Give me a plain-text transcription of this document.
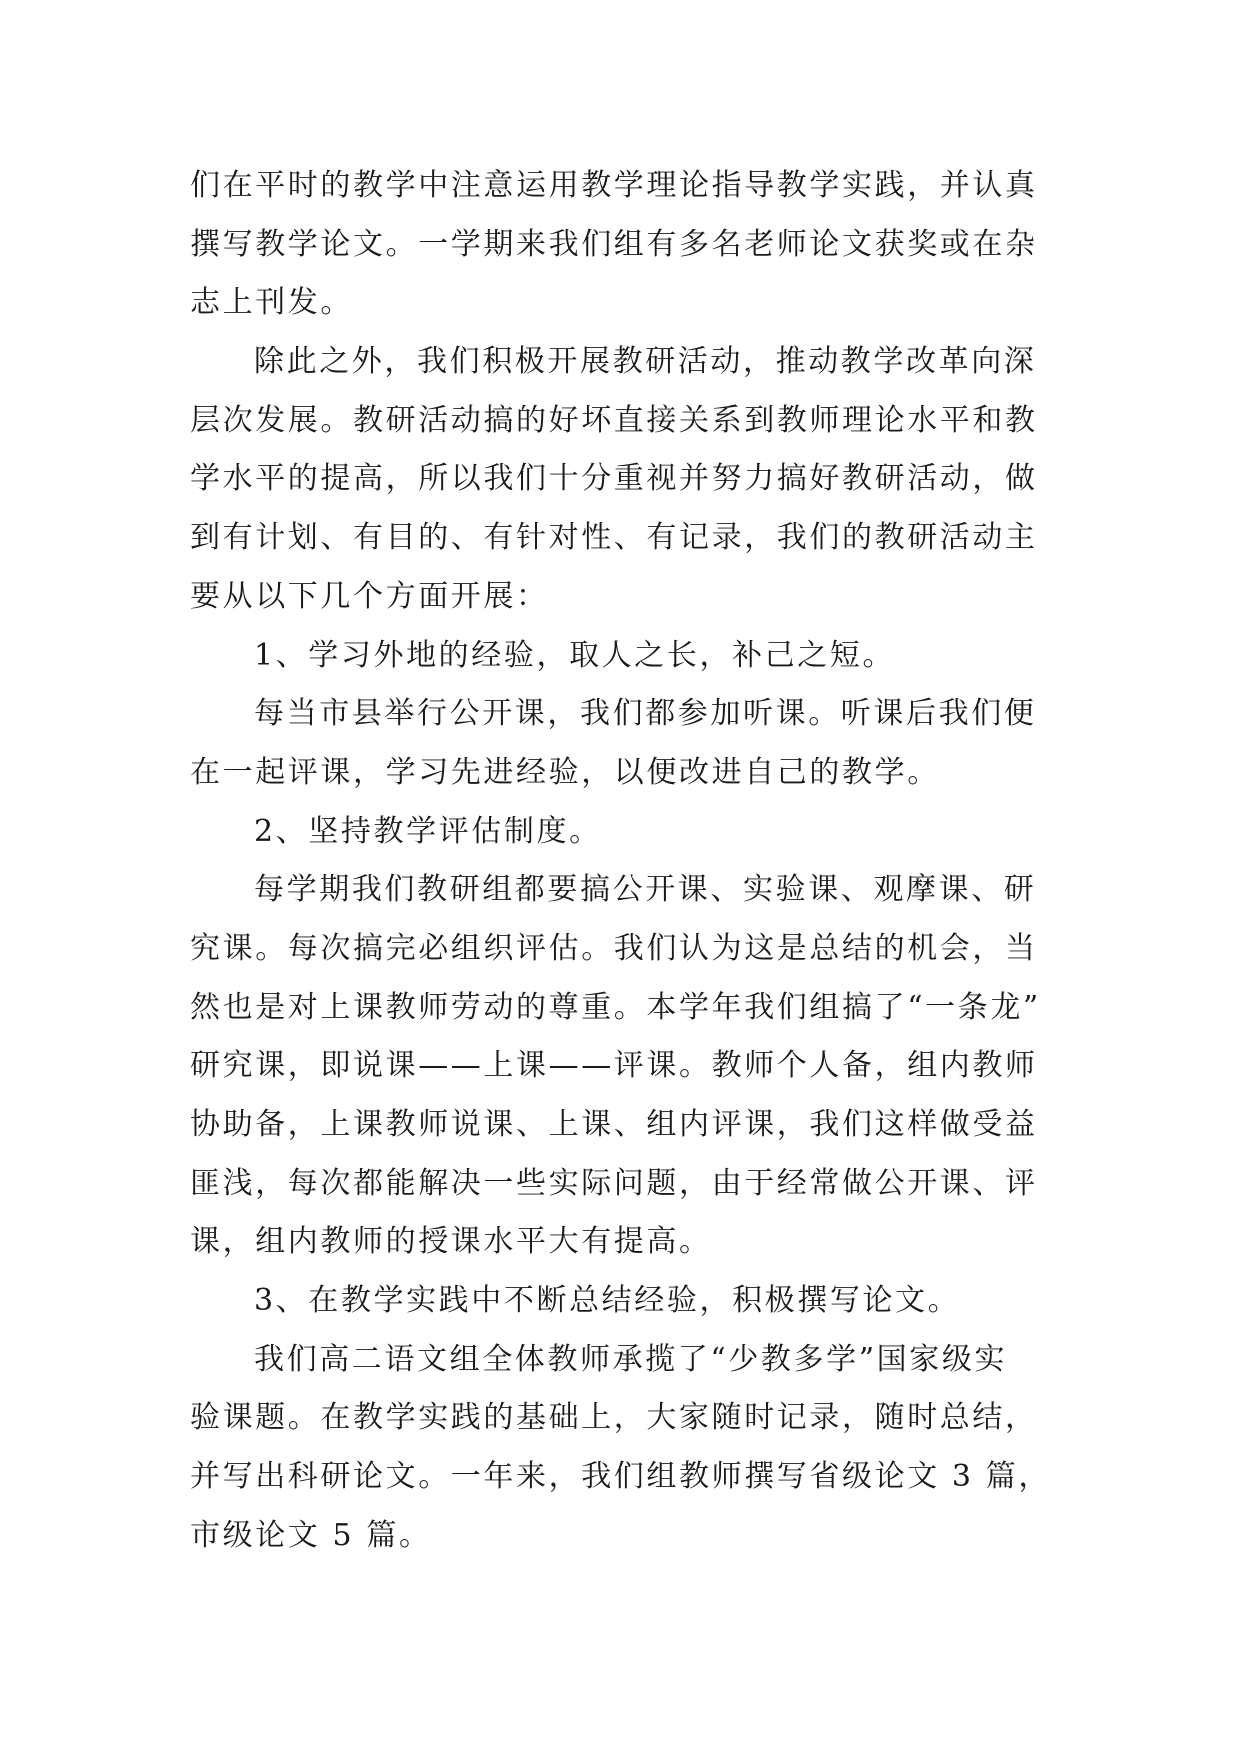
们在平时的教学中注意运用教学理论指导教学实践，并认真
撰写教学论文。一学期来我们组有多名老师论文获奖或在杂
志上刊发。
除此之外，我们积极开展教研活动，推动教学改革向深
层次发展。教研活动搞的好坏直接关系到教师理论水平和教
学水平的提高，所以我们十分重视并努力搞好教研活动，做
到有计划、有目的、有针对性、有记录，我们的教研活动主
要从以下几个方面开展：
1、学习外地的经验，取人之长，补己之短。
每当市县举行公开课，我们都参加听课。听课后我们便
在一起评课，学习先进经验，以便改进自己的教学。
2、坚持教学评估制度。
每学期我们教研组都要搞公开课、实验课、观摩课、研
究课。每次搞完必组织评估。我们认为这是总结的机会，当
然也是对上课教师劳动的尊重。本学年我们组搞了“一条龙”
研究课，即说课——上课——评课。教师个人备，组内教师
协助备，上课教师说课、上课、组内评课，我们这样做受益
匪浅，每次都能解决一些实际问题，由于经常做公开课、评
课，组内教师的授课水平大有提高。
3、在教学实践中不断总结经验，积极撰写论文。
我们高二语文组全体教师承揽了“少教多学”国家级实
验课题。在教学实践的基础上，大家随时记录，随时总结，
并写出科研论文。一年来，我们组教师撰写省级论文 3 篇，
市级论文 5 篇。
